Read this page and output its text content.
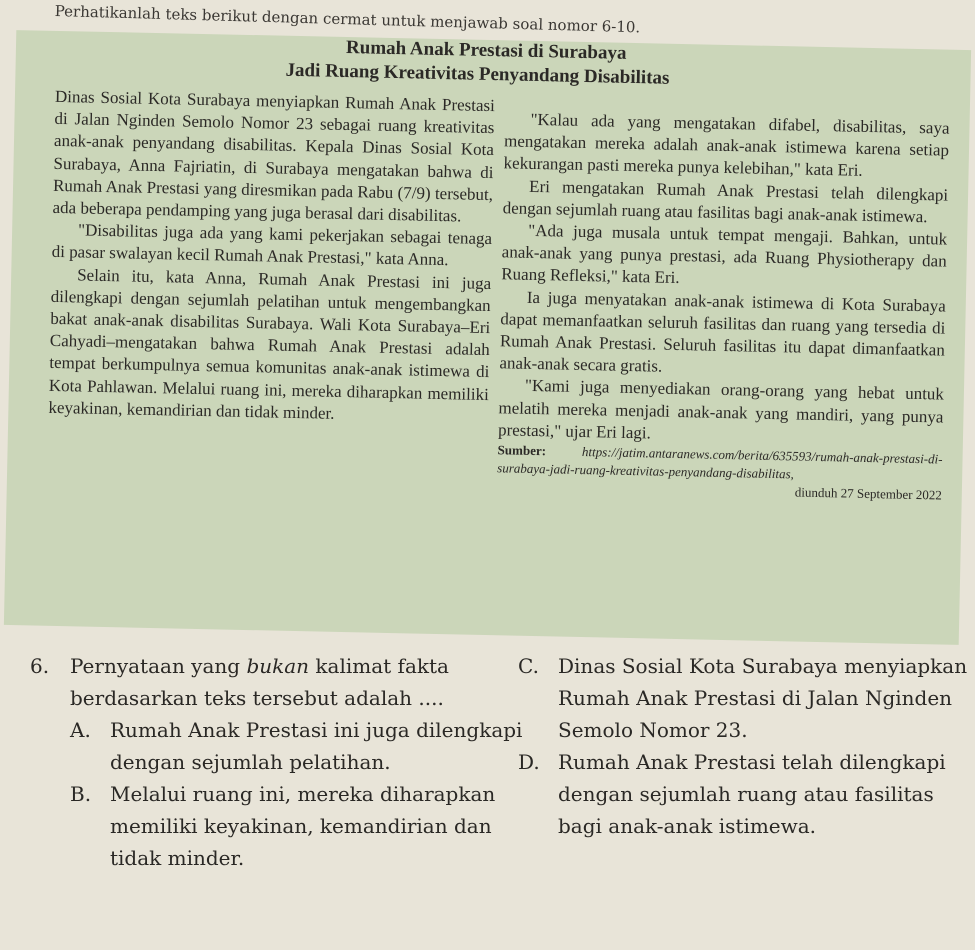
Perhatikanlah teks berikut dengan cermat untuk menjawab soal nomor 6-10.
Rumah Anak Prestasi di Surabaya
Jadi Ruang Kreativitas Penyandang Disabilitas

Dinas Sosial Kota Surabaya menyiapkan Rumah Anak Prestasi di Jalan Nginden Semolo Nomor 23 sebagai ruang kreativitas anak-anak penyandang disabilitas. Kepala Dinas Sosial Kota Surabaya, Anna Fajriatin, di Surabaya mengatakan bahwa di Rumah Anak Prestasi yang diresmikan pada Rabu (7/9) tersebut, ada beberapa pendamping yang juga berasal dari disabilitas.

"Disabilitas juga ada yang kami pekerjakan sebagai tenaga di pasar swalayan kecil Rumah Anak Prestasi," kata Anna.

Selain itu, kata Anna, Rumah Anak Prestasi ini juga dilengkapi dengan sejumlah pelatihan untuk mengembangkan bakat anak-anak disabilitas Surabaya. Wali Kota Surabaya–Eri Cahyadi–mengatakan bahwa Rumah Anak Prestasi adalah tempat berkumpulnya semua komunitas anak-anak istimewa di Kota Pahlawan. Melalui ruang ini, mereka diharapkan memiliki keyakinan, kemandirian dan tidak minder.

"Kalau ada yang mengatakan difabel, disabilitas, saya mengatakan mereka adalah anak-anak istimewa karena setiap kekurangan pasti mereka punya kelebihan," kata Eri.

Eri mengatakan Rumah Anak Prestasi telah dilengkapi dengan sejumlah ruang atau fasilitas bagi anak-anak istimewa.

"Ada juga musala untuk tempat mengaji. Bahkan, untuk anak-anak yang punya prestasi, ada Ruang Physiotherapy dan Ruang Refleksi," kata Eri.

Ia juga menyatakan anak-anak istimewa di Kota Surabaya dapat memanfaatkan seluruh fasilitas dan ruang yang tersedia di Rumah Anak Prestasi. Seluruh fasilitas itu dapat dimanfaatkan anak-anak secara gratis.

"Kami juga menyediakan orang-orang yang hebat untuk melatih mereka menjadi anak-anak yang mandiri, yang punya prestasi," ujar Eri lagi.

Sumber:	https://jatim.antaranews.com/berita/635593/rumah-anak-prestasi-di-surabaya-jadi-ruang-kreativitas-penyandang-disabilitas,
diunduh 27 September 2022

6. Pernyataan yang bukan kalimat fakta berdasarkan teks tersebut adalah ....
A. Rumah Anak Prestasi ini juga dilengkapi dengan sejumlah pelatihan.
B. Melalui ruang ini, mereka diharapkan memiliki keyakinan, kemandirian dan tidak minder.
C. Dinas Sosial Kota Surabaya menyiapkan Rumah Anak Prestasi di Jalan Nginden Semolo Nomor 23.
D. Rumah Anak Prestasi telah dilengkapi dengan sejumlah ruang atau fasilitas bagi anak-anak istimewa.
